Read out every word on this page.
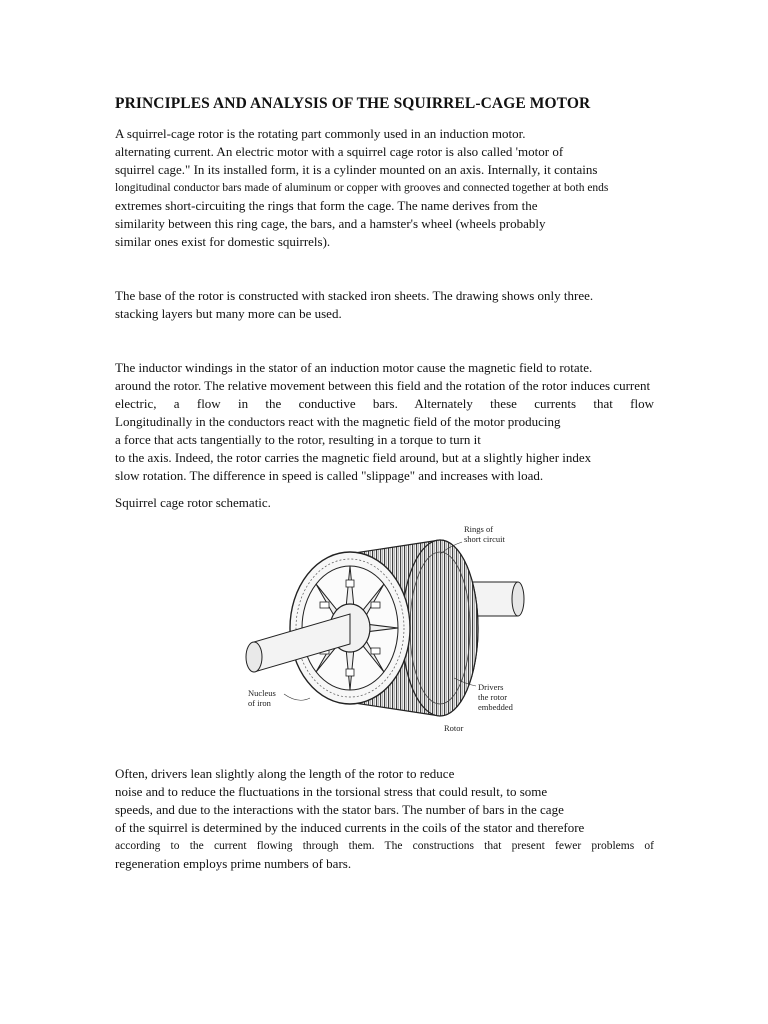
PRINCIPLES AND ANALYSIS OF THE SQUIRREL-CAGE MOTOR
A squirrel-cage rotor is the rotating part commonly used in an induction motor.
alternating current. An electric motor with a squirrel cage rotor is also called 'motor of
squirrel cage." In its installed form, it is a cylinder mounted on an axis. Internally, it contains
longitudinal conductor bars made of aluminum or copper with grooves and connected together at both ends
extremes short-circuiting the rings that form the cage. The name derives from the
similarity between this ring cage, the bars, and a hamster's wheel (wheels probably
similar ones exist for domestic squirrels).
The base of the rotor is constructed with stacked iron sheets. The drawing shows only three.
stacking layers but many more can be used.
The inductor windings in the stator of an induction motor cause the magnetic field to rotate.
around the rotor. The relative movement between this field and the rotation of the rotor induces current
electric, a flow in the conductive bars. Alternately these currents that flow
Longitudinally in the conductors react with the magnetic field of the motor producing
a force that acts tangentially to the rotor, resulting in a torque to turn it
to the axis. Indeed, the rotor carries the magnetic field around, but at a slightly higher index
slow rotation. The difference in speed is called "slippage" and increases with load.
Squirrel cage rotor schematic.
Rings of
short circuit
Nucleus
of iron
Drivers
the rotor
embedded
Rotor
Often, drivers lean slightly along the length of the rotor to reduce
noise and to reduce the fluctuations in the torsional stress that could result, to some
speeds, and due to the interactions with the stator bars. The number of bars in the cage
of the squirrel is determined by the induced currents in the coils of the stator and therefore
according to the current flowing through them. The constructions that present fewer problems of
regeneration employs prime numbers of bars.
